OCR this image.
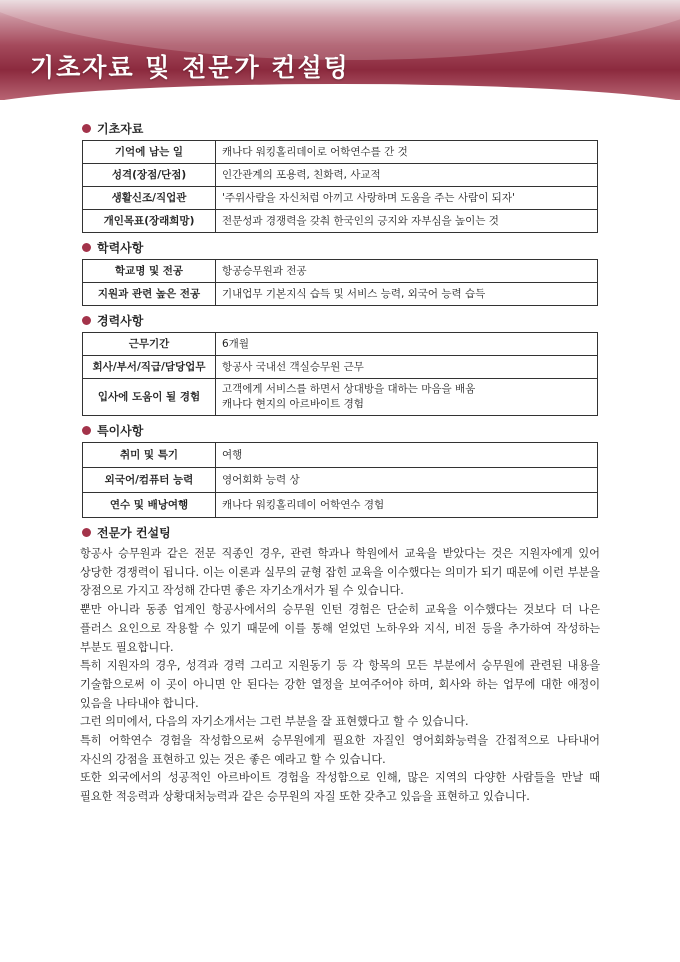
기초자료 및 전문가 컨설팅
기초자료
기억에 남는 일	캐나다 워킹홀리데이로 어학연수를 간 것
성격(장점/단점)	인간관계의 포용력, 친화력, 사교적
생활신조/직업관	'주위사람을 자신처럼 아끼고 사랑하며 도움을 주는 사람이 되자'
개인목표(장래희망)	전문성과 경쟁력을 갖춰 한국인의 긍지와 자부심을 높이는 것
학력사항
학교명 및 전공	항공승무원과 전공
지원과 관련 높은 전공	기내업무 기본지식 습득 및 서비스 능력, 외국어 능력 습득
경력사항
근무기간	6개월
회사/부서/직급/담당업무	항공사 국내선 객실승무원 근무
입사에 도움이 될 경험	고객에게 서비스를 하면서 상대방을 대하는 마음을 배움
캐나다 현지의 아르바이트 경험
특이사항
취미 및 특기	여행
외국어/컴퓨터 능력	영어회화 능력 상
연수 및 배낭여행	캐나다 워킹홀리데이 어학연수 경험
전문가 컨설팅

항공사 승무원과 같은 전문 직종인 경우, 관련 학과나 학원에서 교육을 받았다는 것은 지원자에게 있어 상당한 경쟁력이 됩니다. 이는 이론과 실무의 균형 잡힌 교육을 이수했다는 의미가 되기 때문에 이런 부분을 장점으로 가지고 작성해 간다면 좋은 자기소개서가 될 수 있습니다.

뿐만 아니라 동종 업계인 항공사에서의 승무원 인턴 경험은 단순히 교육을 이수했다는 것보다 더 나은 플러스 요인으로 작용할 수 있기 때문에 이를 통해 얻었던 노하우와 지식, 비전 등을 추가하여 작성하는 부분도 필요합니다.

특히 지원자의 경우, 성격과 경력 그리고 지원동기 등 각 항목의 모든 부분에서 승무원에 관련된 내용을 기술함으로써 이 곳이 아니면 안 된다는 강한 열정을 보여주어야 하며, 회사와 하는 업무에 대한 애정이 있음을 나타내야 합니다.

그런 의미에서, 다음의 자기소개서는 그런 부분을 잘 표현했다고 할 수 있습니다.

특히 어학연수 경험을 작성함으로써 승무원에게 필요한 자질인 영어회화능력을 간접적으로 나타내어 자신의 강점을 표현하고 있는 것은 좋은 예라고 할 수 있습니다.

또한 외국에서의 성공적인 아르바이트 경험을 작성함으로 인해, 많은 지역의 다양한 사람들을 만날 때 필요한 적응력과 상황대처능력과 같은 승무원의 자질 또한 갖추고 있음을 표현하고 있습니다.
